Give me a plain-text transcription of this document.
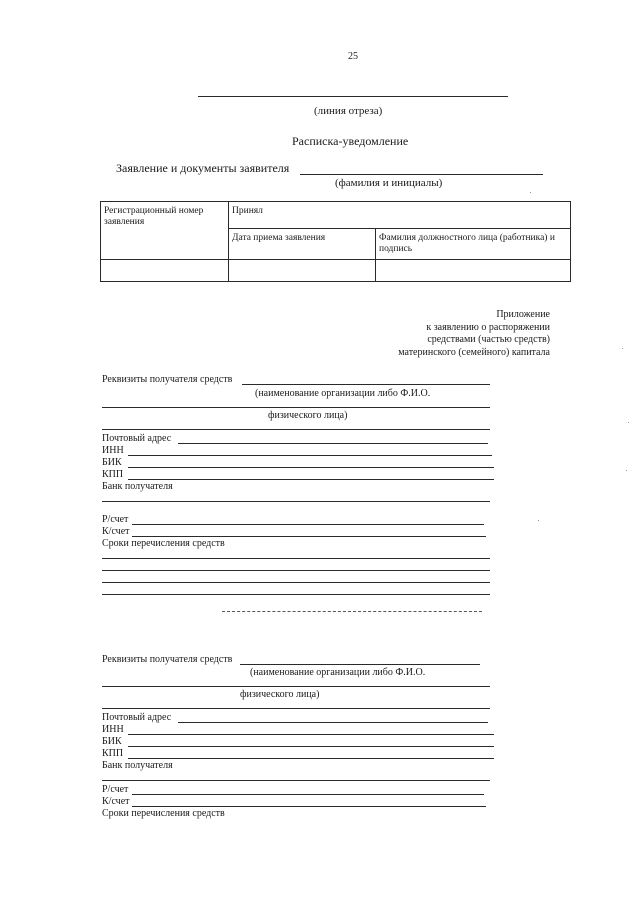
25
(линия отреза)
Расписка-уведомление
Заявление и документы заявителя
(фамилия и инициалы)
Регистрационный номер заявления	Принял	
	Дата приема заявления	Фамилия должностного лица (работника) и подпись

Приложение
к заявлению о распоряжении
средствами (частью средств)
материнского (семейного) капитала
Реквизиты получателя средств
(наименование организации либо Ф.И.О.
физического лица)
Почтовый адрес
ИНН
БИК
КПП
Банк получателя
Р/счет
К/счет
Сроки перечисления средств
Реквизиты получателя средств
(наименование организации либо Ф.И.О.
физического лица)
Почтовый адрес
ИНН
БИК
КПП
Банк получателя
Р/счет
К/счет
Сроки перечисления средств
